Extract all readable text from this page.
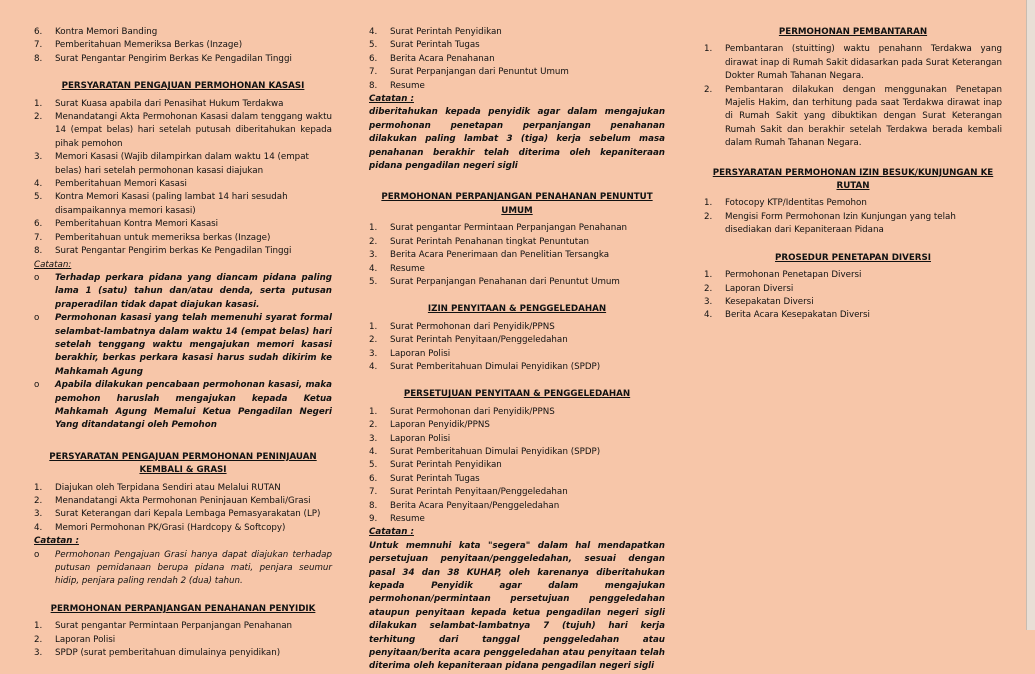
6.	Kontra Memori Banding
7.	Pemberitahuan Memeriksa Berkas (Inzage)
8.	Surat Pengantar Pengirim Berkas Ke Pengadilan Tinggi
PERSYARATAN PENGAJUAN PERMOHONAN KASASI
1.	Surat Kuasa apabila dari Penasihat Hukum Terdakwa
2.	Menandatangi Akta Permohonan Kasasi dalam tenggang waktu 14 (empat belas) hari setelah putusah diberitahukan kepada pihak pemohon
3.	Memori Kasasi (Wajib dilampirkan dalam waktu 14 (empat belas) hari setelah permohonan kasasi diajukan
4.	Pemberitahuan Memori Kasasi
5.	Kontra Memori Kasasi (paling lambat 14 hari sesudah disampaikannya memori kasasi)
6.	Pemberitahuan Kontra Memori Kasasi
7.	Pemberitahuan untuk memeriksa berkas (Inzage)
8.	Surat Pengantar Pengirim berkas Ke Pengadilan Tinggi
Catatan:
o	Terhadap perkara pidana yang diancam pidana paling lama 1 (satu) tahun dan/atau denda, serta putusan praperadilan tidak dapat diajukan kasasi.
o	Permohonan kasasi yang telah memenuhi syarat formal selambat-lambatnya dalam waktu 14 (empat belas) hari setelah tenggang waktu mengajukan memori kasasi berakhir, berkas perkara kasasi harus sudah dikirim ke Mahkamah Agung
o	Apabila dilakukan pencabaan permohonan kasasi, maka pemohon haruslah mengajukan kepada Ketua Mahkamah Agung Memalui Ketua Pengadilan Negeri Yang ditandatangi oleh Pemohon
PERSYARATAN PENGAJUAN PERMOHONAN PENINJAUAN KEMBALI & GRASI
1.	Diajukan oleh Terpidana Sendiri atau Melalui RUTAN
2.	Menandatangi Akta Permohonan Peninjauan Kembali/Grasi
3.	Surat Keterangan dari Kepala Lembaga Pemasyarakatan (LP)
4.	Memori Permohonan PK/Grasi (Hardcopy & Softcopy)
Catatan :
o	Permohonan Pengajuan Grasi hanya dapat diajukan terhadap putusan pemidanaan berupa pidana mati, penjara seumur hidip, penjara paling rendah 2 (dua) tahun.
PERMOHONAN PERPANJANGAN PENAHANAN PENYIDIK
1.	Surat pengantar Permintaan Perpanjangan Penahanan
2.	Laporan Polisi
3.	SPDP (surat pemberitahuan dimulainya penyidikan)
4.	Surat Perintah Penyidikan
5.	Surat Perintah Tugas
6.	Berita Acara Penahanan
7.	Surat Perpanjangan dari Penuntut Umum
8.	Resume
Catatan :
diberitahukan kepada penyidik agar dalam mengajukan permohonan penetapan perpanjangan penahanan dilakukan paling lambat 3 (tiga) kerja sebelum masa penahanan berakhir telah diterima oleh kepaniteraan pidana pengadilan negeri sigli
PERMOHONAN PERPANJANGAN PENAHANAN PENUNTUT UMUM
1.	Surat pengantar Permintaan Perpanjangan Penahanan
2.	Surat Perintah Penahanan tingkat Penuntutan
3.	Berita Acara Penerimaan dan Penelitian Tersangka
4.	Resume
5.	Surat Perpanjangan Penahanan dari Penuntut Umum
IZIN PENYITAAN & PENGGELEDAHAN
1.	Surat Permohonan dari Penyidik/PPNS
2.	Surat Perintah Penyitaan/Penggeledahan
3.	Laporan Polisi
4.	Surat Pemberitahuan Dimulai Penyidikan (SPDP)
PERSETUJUAN PENYITAAN & PENGGELEDAHAN
1.	Surat Permohonan dari Penyidik/PPNS
2.	Laporan Penyidik/PPNS
3.	Laporan Polisi
4.	Surat Pemberitahuan Dimulai Penyidikan (SPDP)
5.	Surat Perintah Penyidikan
6.	Surat Perintah Tugas
7.	Surat Perintah Penyitaan/Penggeledahan
8.	Berita Acara Penyitaan/Penggeledahan
9.	Resume
Catatan :
Untuk memnuhi kata "segera" dalam hal mendapatkan persetujuan penyitaan/penggeledahan, sesuai dengan pasal 34 dan 38 KUHAP, oleh karenanya diberitahukan kepada Penyidik agar dalam mengajukan permohonan/permintaan persetujuan penggeledahan ataupun penyitaan kepada ketua pengadilan negeri sigli dilakukan selambat-lambatnya 7 (tujuh) hari kerja terhitung dari tanggal penggeledahan atau penyitaan/berita acara penggeledahan atau penyitaan telah diterima oleh kepaniteraan pidana pengadilan negeri sigli
PERMOHONAN PEMBANTARAN
1.	Pembantaran (stuitting) waktu penahann Terdakwa yang dirawat inap di Rumah Sakit didasarkan pada Surat Keterangan Dokter Rumah Tahanan Negara.
2.	Pembantaran dilakukan dengan menggunakan Penetapan Majelis Hakim, dan terhitung pada saat Terdakwa dirawat inap di Rumah Sakit yang dibuktikan dengan Surat Keterangan Rumah Sakit dan berakhir setelah Terdakwa berada kembali dalam Rumah Tahanan Negara.
PERSYARATAN PERMOHONAN IZIN BESUK/KUNJUNGAN KE RUTAN
1.	Fotocopy KTP/Identitas Pemohon
2.	Mengisi Form Permohonan Izin Kunjungan yang telah disediakan dari Kepaniteraan Pidana
PROSEDUR PENETAPAN DIVERSI
1.	Permohonan Penetapan Diversi
2.	Laporan Diversi
3.	Kesepakatan Diversi
4.	Berita Acara Kesepakatan Diversi
